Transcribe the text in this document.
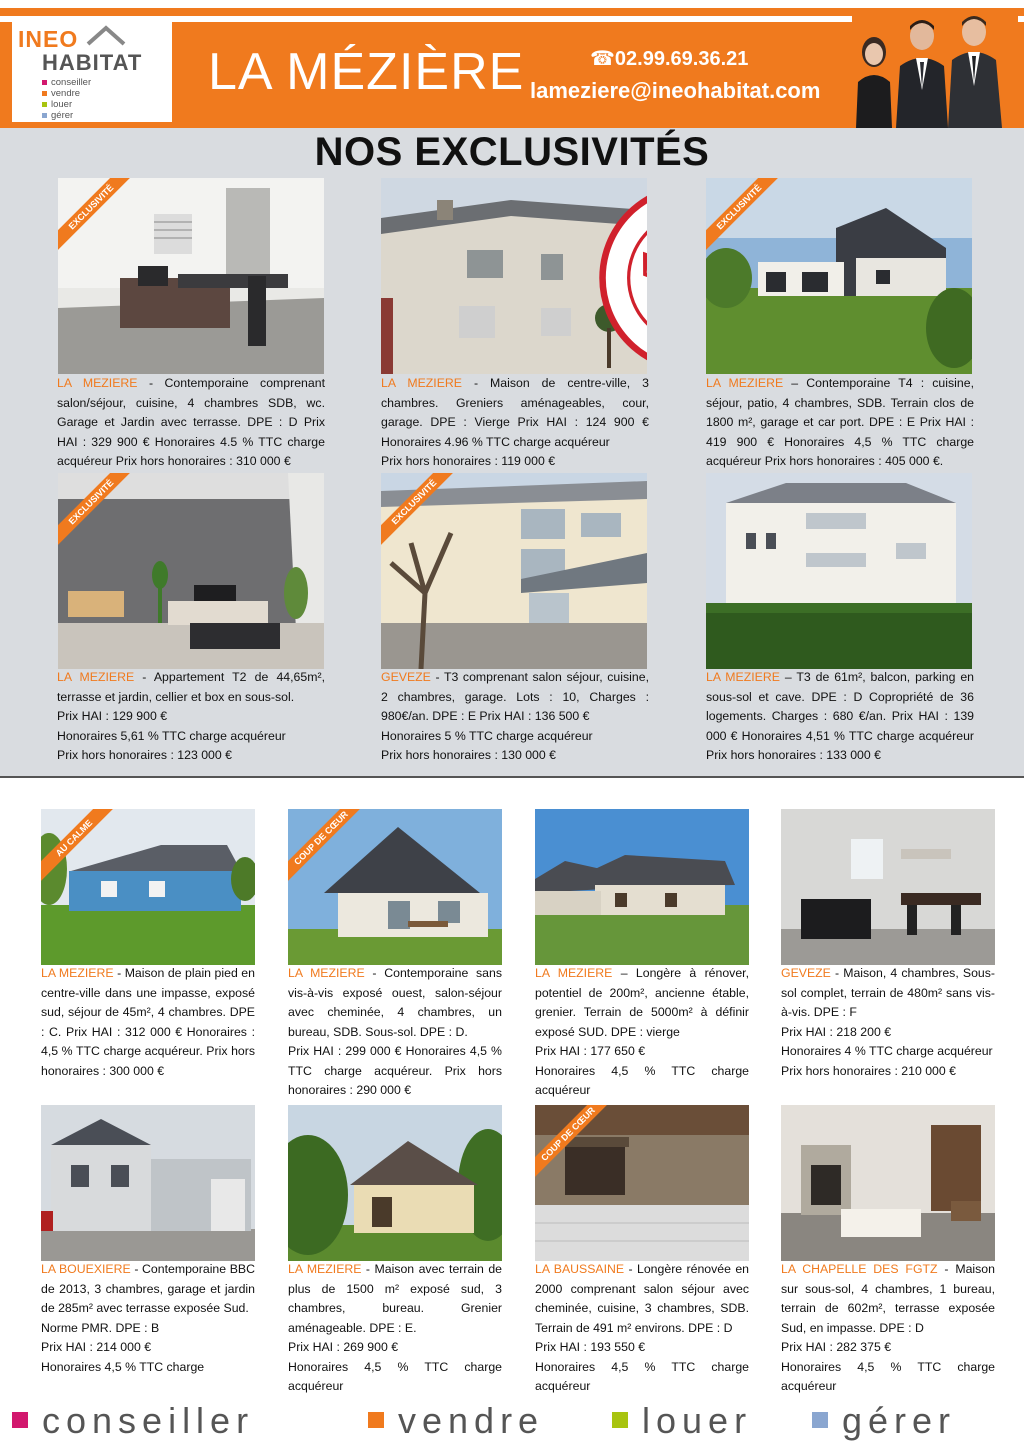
INEO
HABITAT
conseiller
vendre
louer
gérer
LA MÉZIÈRE	☎02.99.69.36.21
lameziere@ineohabitat.com
NOS EXCLUSIVITÉS
EXCLUSIVITÉ	EXCLUSIVITÉ

LA MEZIERE - Contemporaine comprenant salon/séjour, cuisine, 4 chambres SDB, wc. Garage et Jardin avec terrasse. DPE : D Prix HAI : 329 900 € Honoraires 4.5 % TTC charge acquéreur Prix hors honoraires : 310 000 €

LA MEZIERE - Maison de centre-ville, 3 chambres. Greniers aménageables, cour, garage. DPE : Vierge Prix HAI : 124 900 € Honoraires 4.96 % TTC charge acquéreur

Prix hors honoraires : 119 000 €

LA MEZIERE – Contemporaine T4 : cuisine, séjour, patio, 4 chambres, SDB. Terrain clos de 1800 m², garage et car port. DPE : E Prix HAI : 419 900 € Honoraires 4,5 % TTC charge acquéreur Prix hors honoraires : 405 000 €.

EXCLUSIVITÉ	EXCLUSIVITÉ

LA MEZIERE - Appartement T2 de 44,65m², terrasse et jardin, cellier et box en sous-sol.

Prix HAI : 129 900 €

Honoraires 5,61 % TTC charge acquéreur

Prix hors honoraires : 123 000 €

GEVEZE - T3 comprenant salon séjour, cuisine, 2 chambres, garage. Lots : 10, Charges : 980€/an. DPE : E Prix HAI : 136 500 €

Honoraires 5 % TTC charge acquéreur

Prix hors honoraires : 130 000 €

LA MEZIERE – T3 de 61m², balcon, parking en sous-sol et cave. DPE : D Copropriété de 36 logements. Charges : 680 €/an. Prix HAI : 139 000 € Honoraires 4,51 % TTC charge acquéreur Prix hors honoraires : 133 000 €

AU CALME	COUP DE CŒUR

LA MEZIERE - Maison de plain pied en centre-ville dans une impasse, exposé sud, séjour de 45m², 4 chambres. DPE : C. Prix HAI : 312 000 € Honoraires : 4,5 % TTC charge acquéreur. Prix hors honoraires : 300 000 €

LA MEZIERE - Contemporaine sans vis-à-vis exposé ouest, salon-séjour avec cheminée, 4 chambres, un bureau, SDB. Sous-sol. DPE : D.

Prix HAI : 299 000 € Honoraires 4,5 % TTC charge acquéreur. Prix hors honoraires : 290 000 €

LA MEZIERE – Longère à rénover, potentiel de 200m², ancienne étable, grenier. Terrain de 5000m² à définir exposé SUD. DPE : vierge

Prix HAI : 177 650 €

Honoraires 4,5 % TTC charge acquéreur

GEVEZE - Maison, 4 chambres, Sous-sol complet, terrain de 480m² sans vis-à-vis. DPE : F

Prix HAI : 218 200 €

Honoraires 4 % TTC charge acquéreur

Prix hors honoraires : 210 000 €

COUP DE CŒUR

LA BOUEXIERE - Contemporaine BBC de 2013, 3 chambres, garage et jardin de 285m² avec terrasse exposée Sud.

Norme PMR. DPE : B

Prix HAI : 214 000 €

Honoraires 4,5 % TTC charge

LA MEZIERE - Maison avec terrain de plus de 1500 m² exposé sud, 3 chambres, bureau. Grenier aménageable. DPE : E.

Prix HAI : 269 900 €

Honoraires 4,5 % TTC charge acquéreur

LA BAUSSAINE - Longère rénovée en 2000 comprenant salon séjour avec cheminée, cuisine, 3 chambres, SDB. Terrain de 491 m² environs. DPE : D

Prix HAI : 193 550 €

Honoraires 4,5 % TTC charge acquéreur

LA CHAPELLE DES FGTZ - Maison sur sous-sol, 4 chambres, 1 bureau, terrain de 602m², terrasse exposée Sud, en impasse. DPE : D

Prix HAI : 282 375 €

Honoraires 4,5 % TTC charge acquéreur

conseiller	vendre	louer gérer
